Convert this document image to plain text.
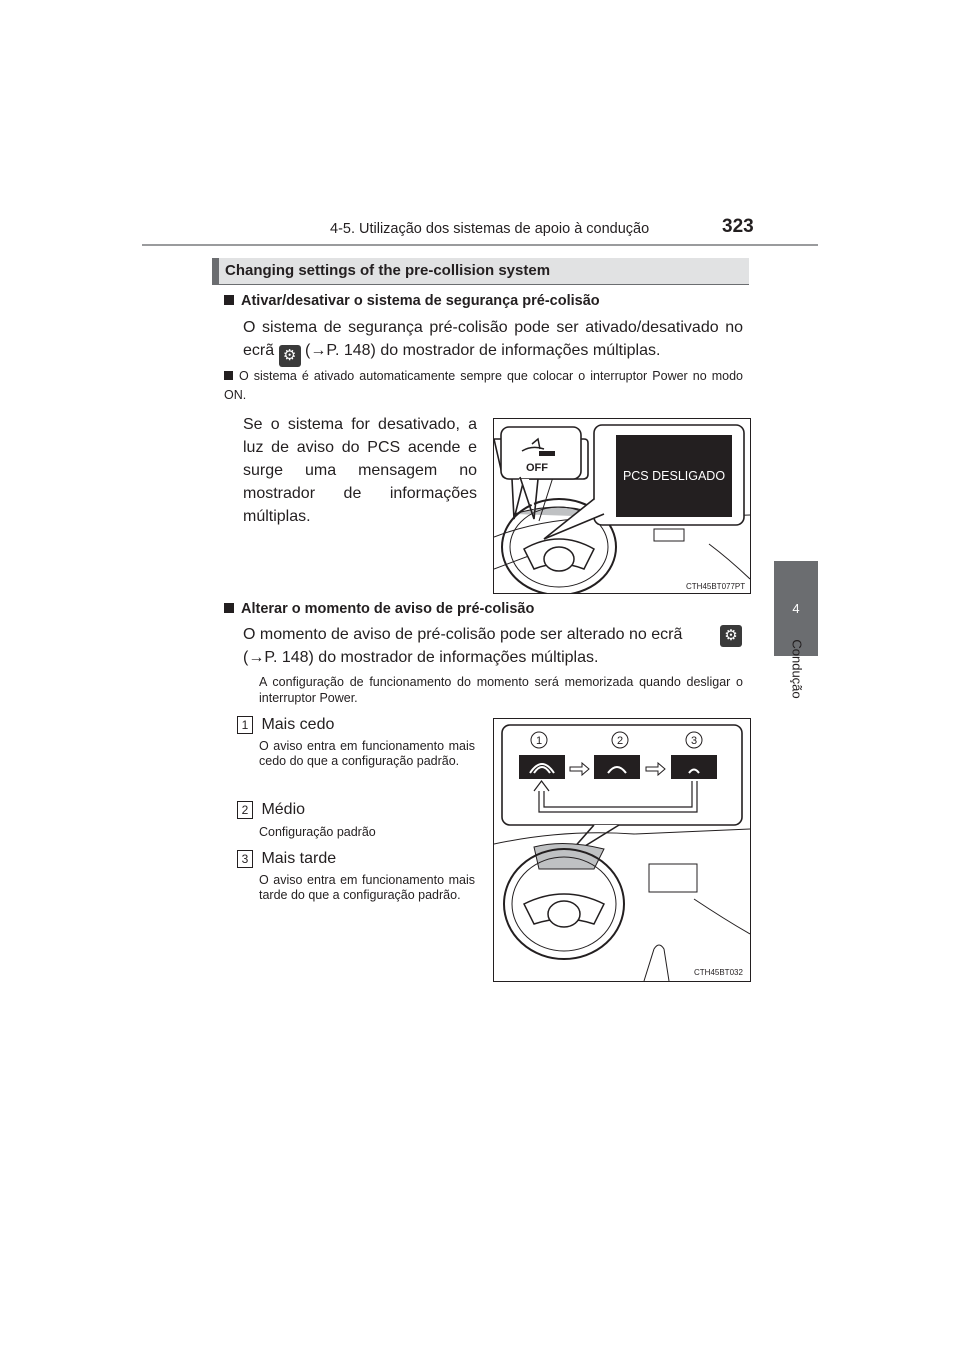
4-5. Utilização dos sistemas de apoio à condução	323
4
Condução
Changing settings of the pre-collision system
Ativar/desativar o sistema de segurança pré-colisão
O sistema de segurança pré-colisão pode ser ativado/desativado no ecrã ⚙ (→P. 148) do mostrador de informações múltiplas.
O sistema é ativado automaticamente sempre que colocar o interruptor Power no modo ON.
Se o sistema for desativado, a luz de aviso do PCS acende e surge uma mensagem no mostrador de informações múltiplas.
OFF
PCS DESLIGADO
CTH45BT077PT
Alterar o momento de aviso de pré-colisão
O momento de aviso de pré-colisão pode ser alterado no ecrã	⚙
(→P. 148) do mostrador de informações múltiplas.
A configuração de funcionamento do momento será memorizada quando desligar o interruptor Power.
1 Mais cedo
O aviso entra em funcionamento mais cedo do que a configuração padrão.
2 Médio
Configuração padrão
3 Mais tarde
O aviso entra em funcionamento mais tarde do que a configuração padrão.
1	2	3
CTH45BT032
